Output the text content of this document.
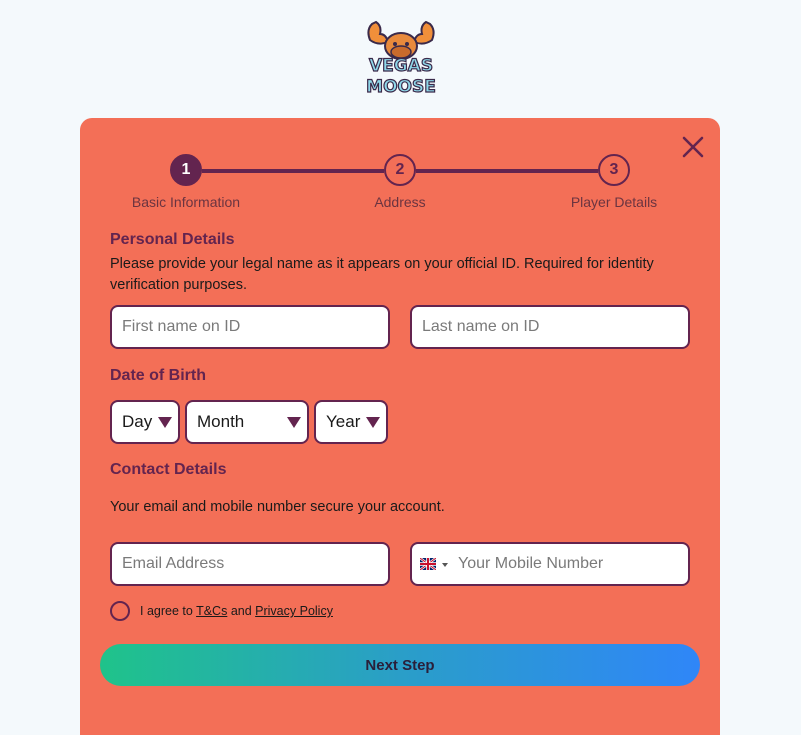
VEGAS
MOOSE
1	2	3
Basic Information	Address	Player Details
Personal Details
Please provide your legal name as it appears on your official ID. Required for identity verification purposes.
First name on ID
Last name on ID
Date of Birth
Day	Month	Year
Contact Details
Your email and mobile number secure your account.
Email Address
Your Mobile Number
I agree to T&Cs and Privacy Policy
Next Step
